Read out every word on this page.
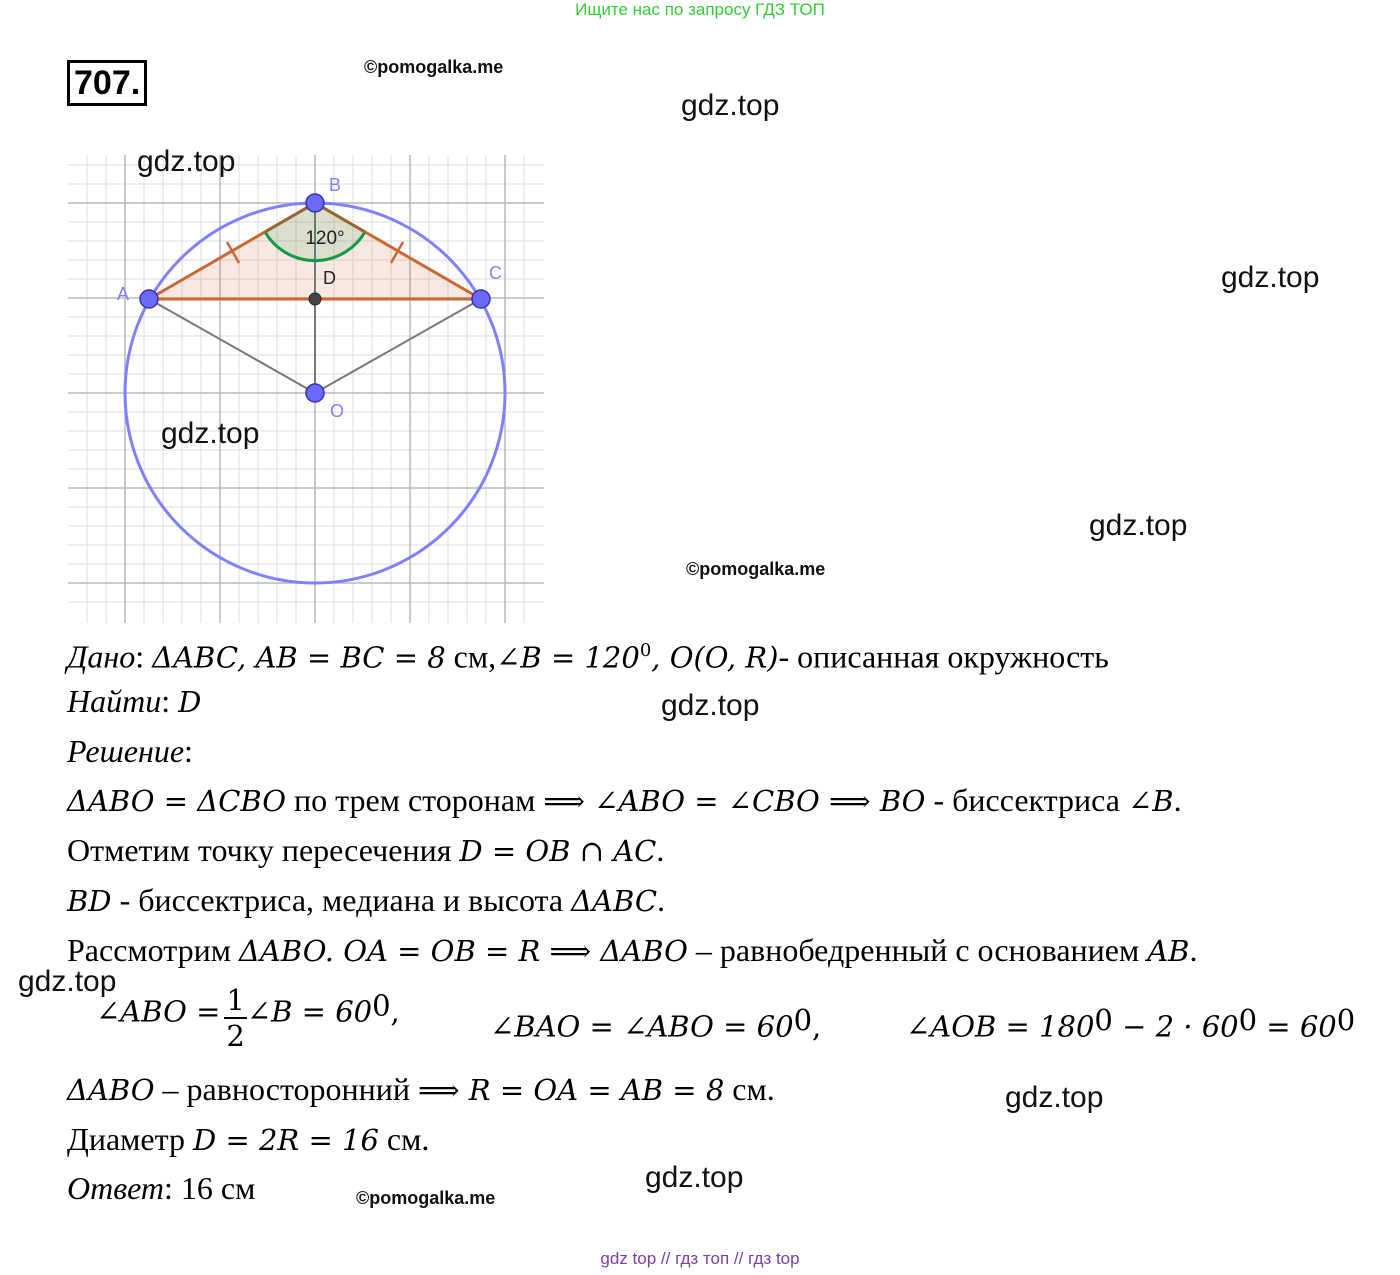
Ищите нас по запросу ГДЗ ТОП
707.	©pomogalka.me
©pomogalka.me
©pomogalka.me
gdz.top
gdz.top
gdz.top
gdz.top
gdz.top
gdz.top
gdz.top
120°
A
B
C
D
O
gdz.top
gdz.top
Дано: ΔABC, AB = BC = 8 см,∠B = $120^0$, O(O, R)- описанная окружность
Найти: D
Решение:
ΔABO = ΔCBO по трем сторонам ⟹ ∠ABO = ∠CBO ⟹ BO - биссектриса ∠B.
Отметим точку пересечения D = OB ∩ AC.
BD - биссектриса, медиана и высота ΔABC.
Рассмотрим ΔABO. OA = OB = R ⟹ ΔABO – равнобедренный с основанием AB.
∠ABO = $\frac{1}{2}$ ∠B = $60^0$,	∠BAO = ∠ABO = $60^0$,	∠AOB = $180^0 - 2 \cdot 60^0 = 60^0$
ΔABO – равносторонний ⟹ R = OA = AB = 8 см.
Диаметр D = 2R = 16 см.
Ответ: 16 см
gdz top // гдз топ // гдз top
